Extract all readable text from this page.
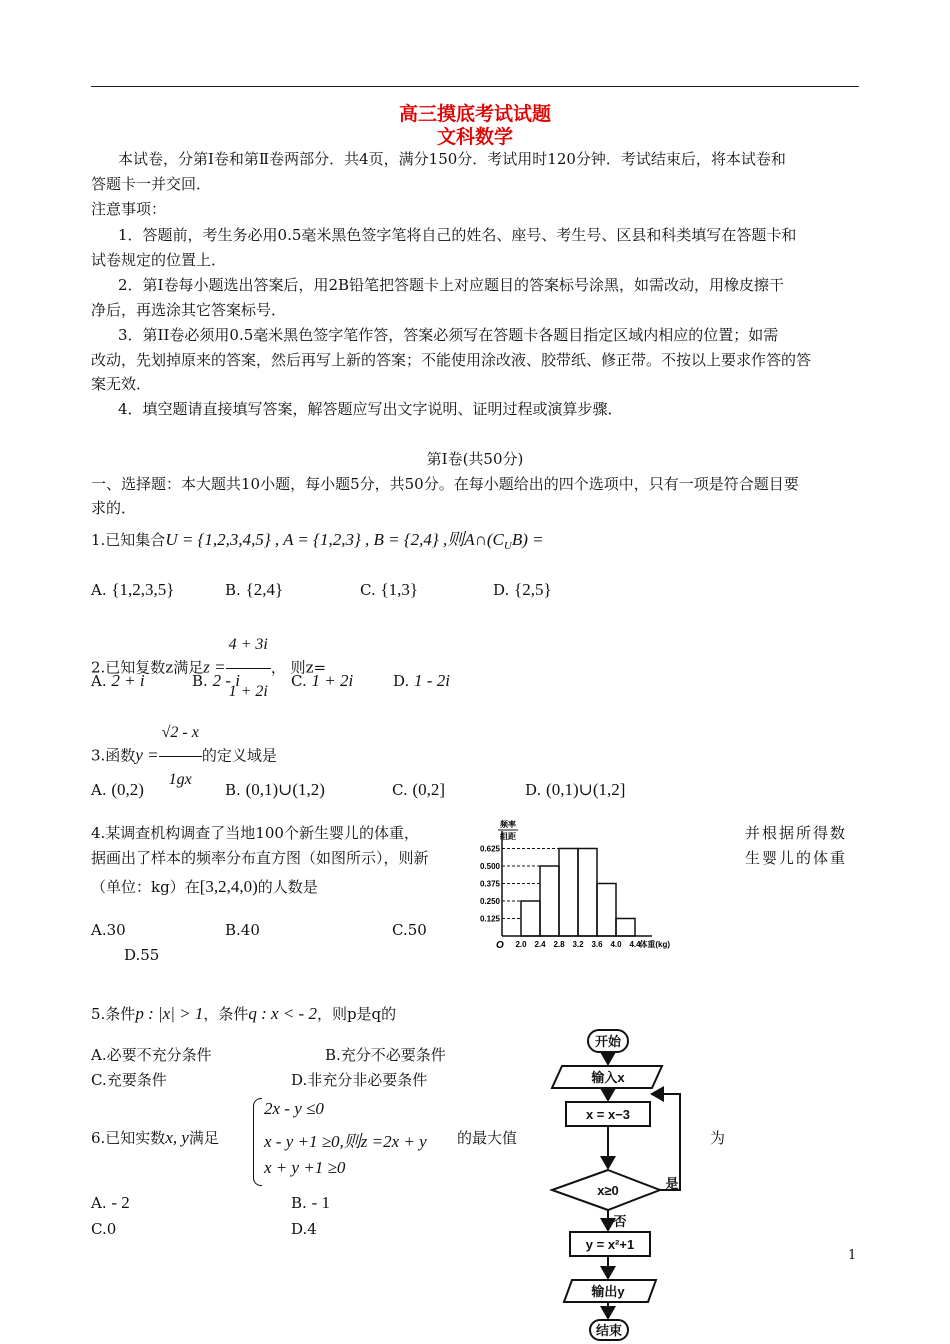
高三摸底考试试题
文科数学
本试卷，分第Ⅰ卷和第Ⅱ卷两部分．共4页，满分150分．考试用时120分钟．考试结束后，将本试卷和
答题卡一并交回．
注意事项：
1．答题前，考生务必用0.5毫米黑色签字笔将自己的姓名、座号、考生号、区县和科类填写在答题卡和
试卷规定的位置上．
2．第Ⅰ卷每小题选出答案后，用2B铅笔把答题卡上对应题目的答案标号涂黑，如需改动，用橡皮擦干
净后，再选涂其它答案标号．
3．第II卷必须用0.5毫米黑色签字笔作答，答案必须写在答题卡各题目指定区域内相应的位置；如需
改动，先划掉原来的答案，然后再写上新的答案；不能使用涂改液、胶带纸、修正带。不按以上要求作答的答
案无效．
4．填空题请直接填写答案，解答题应写出文字说明、证明过程或演算步骤．
第Ⅰ卷(共50分)
一、选择题：本大题共10小题，每小题5分，共50分。在每小题给出的四个选项中，只有一项是符合题目要
求的．
1.已知集合U = {1,2,3,4,5} , A = {1,2,3} , B = {2,4} ,则$A\cap(C_UB)$ =
A. {1,2,3,5}	B. {2,4}	C. {1,3}	D. {2,5}
2.已知复数z满足$z = \frac{4 + 3i}{1 + 2i}$ ， 则z=
A. 2 + i	B. 2 - i	C. 1 + 2i	D. 1 - 2i
3.函数$y = \frac{√2 - x}{1gx}$ 的定义域是
A. (0,2)	B. (0,1)∪(1,2)	C. (0,2]	D. (0,1)∪(1,2]
4.某调查机构调查了当地100个新生婴儿的体重，	并根据所得数
据画出了样本的频率分布直方图（如图所示），则新	生婴儿的体重
（单位：kg）在[3,2,4,0)的人数是
A.30	B.40	C.50
D.55
0.125
0.250
0.375
0.500
0.625
2.0 2.4 2.8 3.2 3.6 4.0 4.4
O	体重(kg)
频率
组距
5.条件p : |x| > 1，条件q : x < - 2，则p是q的
A.必要不充分条件	B.充分不必要条件
C.充要条件	D.非充分非必要条件
6.已知实数x, y满足
2x - y ≤0
x - y +1 ≥0,则z =2x + y
x + y +1 ≥0
的最大值	为
A. - 2	B. - 1
C.0	D.4
开始
输入x
x = x−3
x≥0	是
否
y = x²+1
输出y
结束
1
